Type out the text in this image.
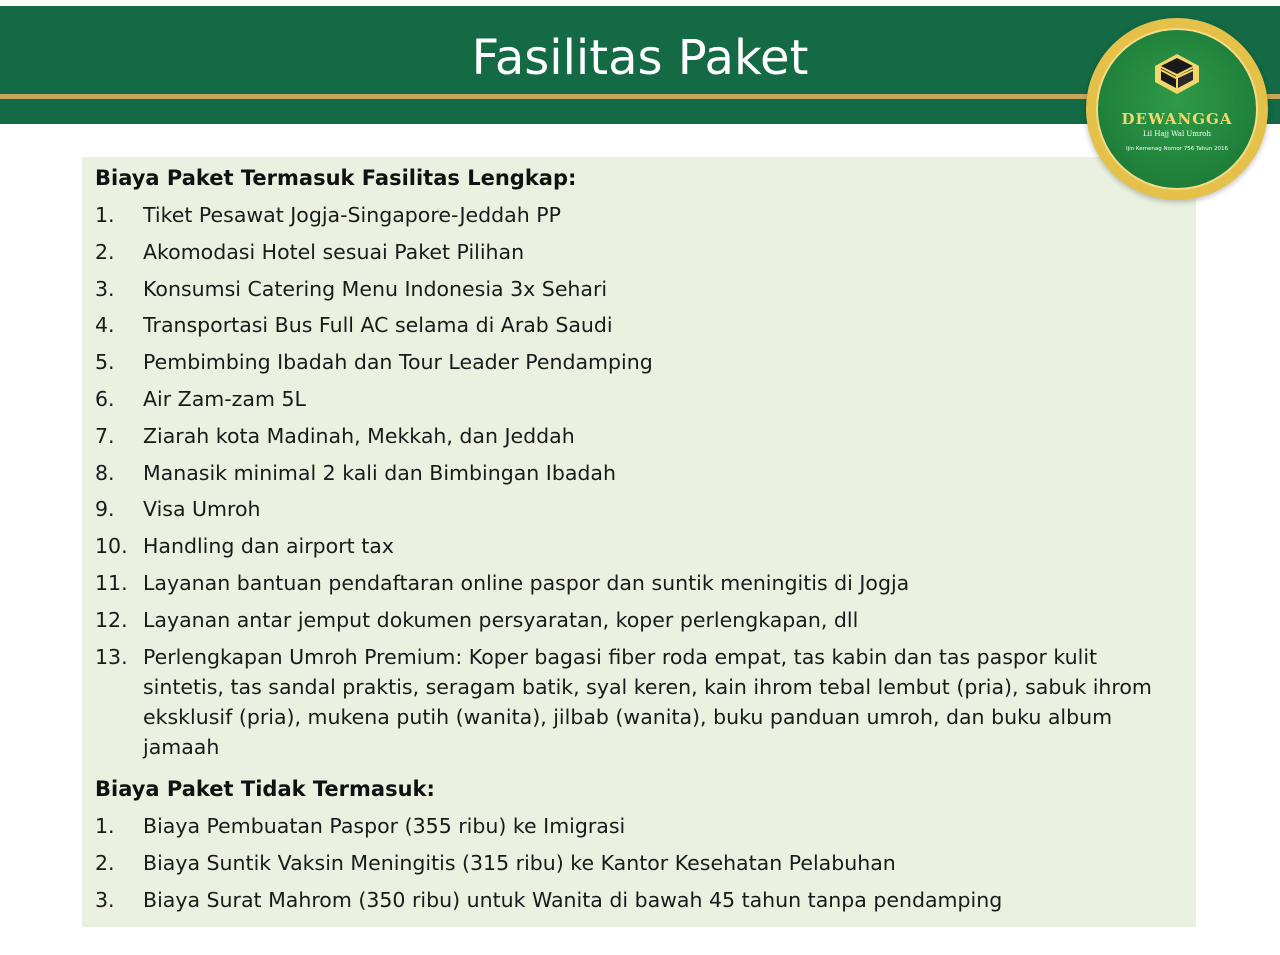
Fasilitas Paket
Biaya Paket Termasuk Fasilitas Lengkap:
1.	Tiket Pesawat Jogja-Singapore-Jeddah PP
2.	Akomodasi Hotel sesuai Paket Pilihan
3.	Konsumsi Catering Menu Indonesia 3x Sehari
4.	Transportasi Bus Full AC selama di Arab Saudi
5.	Pembimbing Ibadah dan Tour Leader Pendamping
6.	Air Zam-zam 5L
7.	Ziarah kota Madinah, Mekkah, dan Jeddah
8.	Manasik minimal 2 kali dan Bimbingan Ibadah
9.	Visa Umroh
10. Handling dan airport tax
11. Layanan bantuan pendaftaran online paspor dan suntik meningitis di Jogja
12. Layanan antar jemput dokumen persyaratan, koper perlengkapan, dll
13. Perlengkapan Umroh Premium: Koper bagasi fiber roda empat, tas kabin dan tas paspor kulit sintetis, tas sandal praktis, seragam batik, syal keren, kain ihrom tebal lembut (pria), sabuk ihrom eksklusif (pria), mukena putih (wanita), jilbab (wanita), buku panduan umroh, dan buku album jamaah
Biaya Paket Tidak Termasuk:
1.	Biaya Pembuatan Paspor (355 ribu) ke Imigrasi
2.	Biaya Suntik Vaksin Meningitis (315 ribu) ke Kantor Kesehatan Pelabuhan
3.	Biaya Surat Mahrom (350 ribu) untuk Wanita di bawah 45 tahun tanpa pendamping
DEWANGGA
Lil Hajj Wal Umroh
Ijin Kemenag Nomor 756 Tahun 2016
